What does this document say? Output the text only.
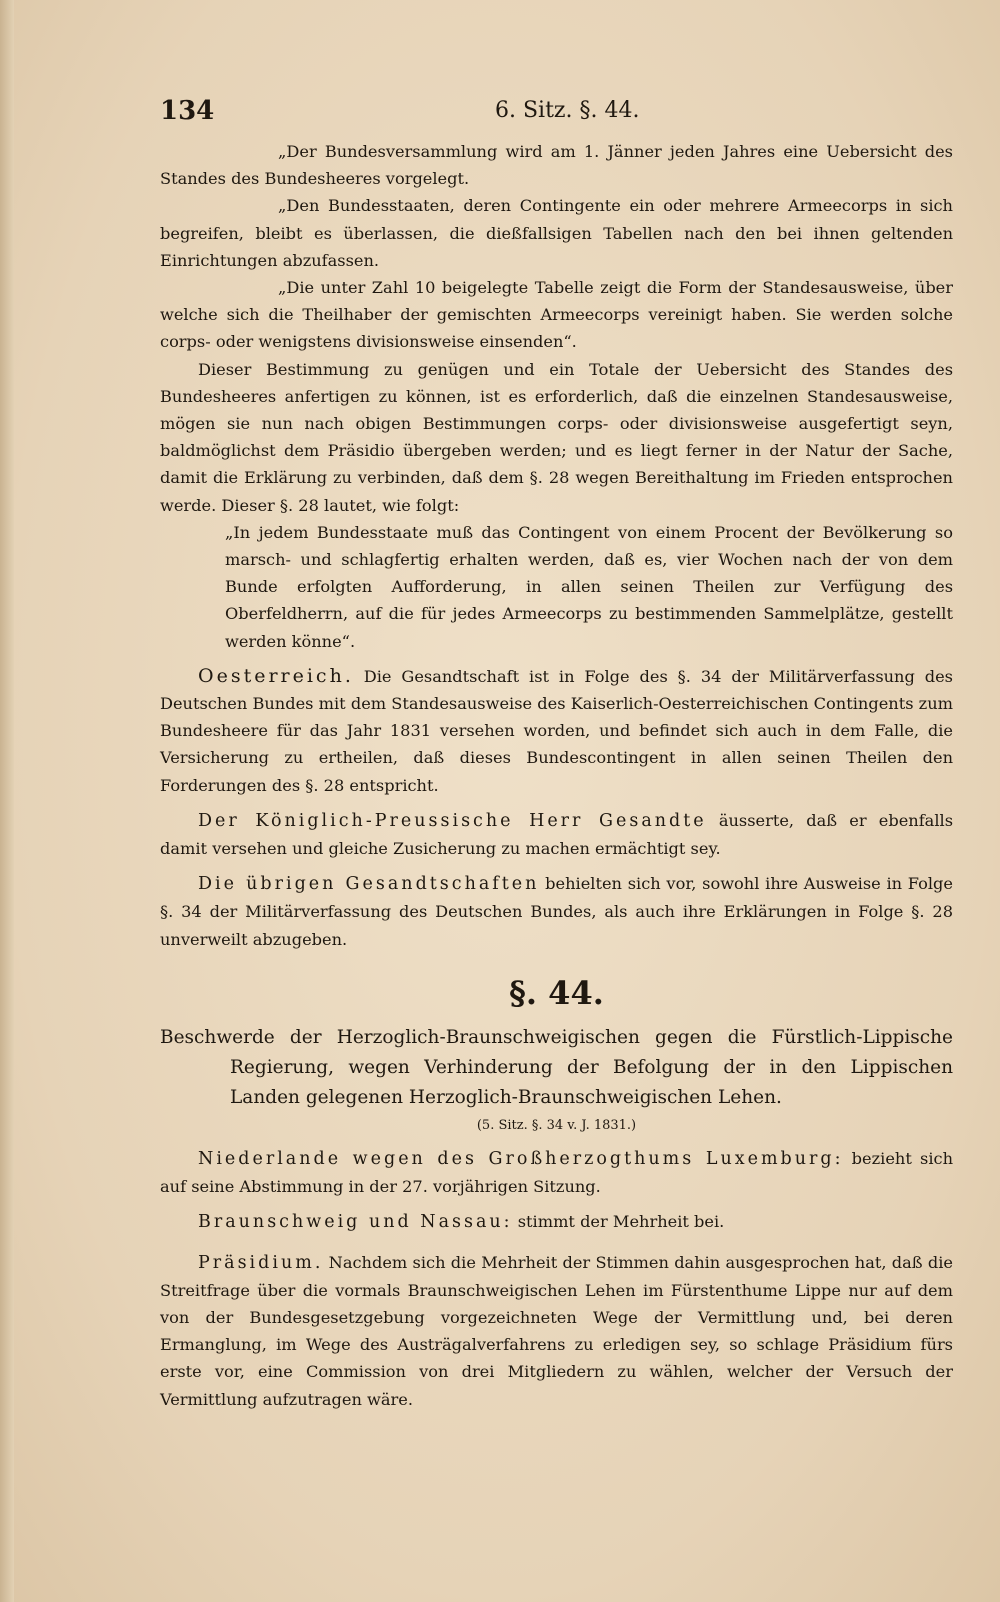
134	6. Sitz. §. 44.

„Der Bundesversammlung wird am 1. Jänner jeden Jahres eine Uebersicht des Standes des Bundesheeres vorgelegt.

„Den Bundesstaaten, deren Contingente ein oder mehrere Armeecorps in sich begreifen, bleibt es überlassen, die dießfallsigen Tabellen nach den bei ihnen geltenden Einrichtungen abzufassen.

„Die unter Zahl 10 beigelegte Tabelle zeigt die Form der Standesausweise, über welche sich die Theilhaber der gemischten Armeecorps vereinigt haben. Sie werden solche corps- oder wenigstens divisionsweise einsenden“.

Dieser Bestimmung zu genügen und ein Totale der Uebersicht des Standes des Bundesheeres anfertigen zu können, ist es erforderlich, daß die einzelnen Standesausweise, mögen sie nun nach obigen Bestimmungen corps- oder divisionsweise ausgefertigt seyn, baldmöglichst dem Präsidio übergeben werden; und es liegt ferner in der Natur der Sache, damit die Erklärung zu verbinden, daß dem §. 28 wegen Bereithaltung im Frieden entsprochen werde. Dieser §. 28 lautet, wie folgt:

„In jedem Bundesstaate muß das Contingent von einem Procent der Bevölkerung so marsch- und schlagfertig erhalten werden, daß es, vier Wochen nach der von dem Bunde erfolgten Aufforderung, in allen seinen Theilen zur Verfügung des Oberfeldherrn, auf die für jedes Armeecorps zu bestimmenden Sammelplätze, gestellt werden könne“.

Oesterreich. Die Gesandtschaft ist in Folge des §. 34 der Militärverfassung des Deutschen Bundes mit dem Standesausweise des Kaiserlich-Oesterreichischen Contingents zum Bundesheere für das Jahr 1831 versehen worden, und befindet sich auch in dem Falle, die Versicherung zu ertheilen, daß dieses Bundescontingent in allen seinen Theilen den Forderungen des §. 28 entspricht.

Der Königlich-Preussische Herr Gesandte äusserte, daß er ebenfalls damit versehen und gleiche Zusicherung zu machen ermächtigt sey.

Die übrigen Gesandtschaften behielten sich vor, sowohl ihre Ausweise in Folge §. 34 der Militärverfassung des Deutschen Bundes, als auch ihre Erklärungen in Folge §. 28 unverweilt abzugeben.

§. 44.

Beschwerde der Herzoglich-Braunschweigischen gegen die Fürstlich-Lippische Regierung, wegen Verhinderung der Befolgung der in den Lippischen Landen gelegenen Herzoglich-Braunschweigischen Lehen.

(5. Sitz. §. 34 v. J. 1831.)

Niederlande wegen des Großherzogthums Luxemburg: bezieht sich auf seine Abstimmung in der 27. vorjährigen Sitzung.

Braunschweig und Nassau: stimmt der Mehrheit bei.

Präsidium. Nachdem sich die Mehrheit der Stimmen dahin ausgesprochen hat, daß die Streitfrage über die vormals Braunschweigischen Lehen im Fürstenthume Lippe nur auf dem von der Bundesgesetzgebung vorgezeichneten Wege der Vermittlung und, bei deren Ermanglung, im Wege des Austrägalverfahrens zu erledigen sey, so schlage Präsidium fürs erste vor, eine Commission von drei Mitgliedern zu wählen, welcher der Versuch der Vermittlung aufzutragen wäre.
